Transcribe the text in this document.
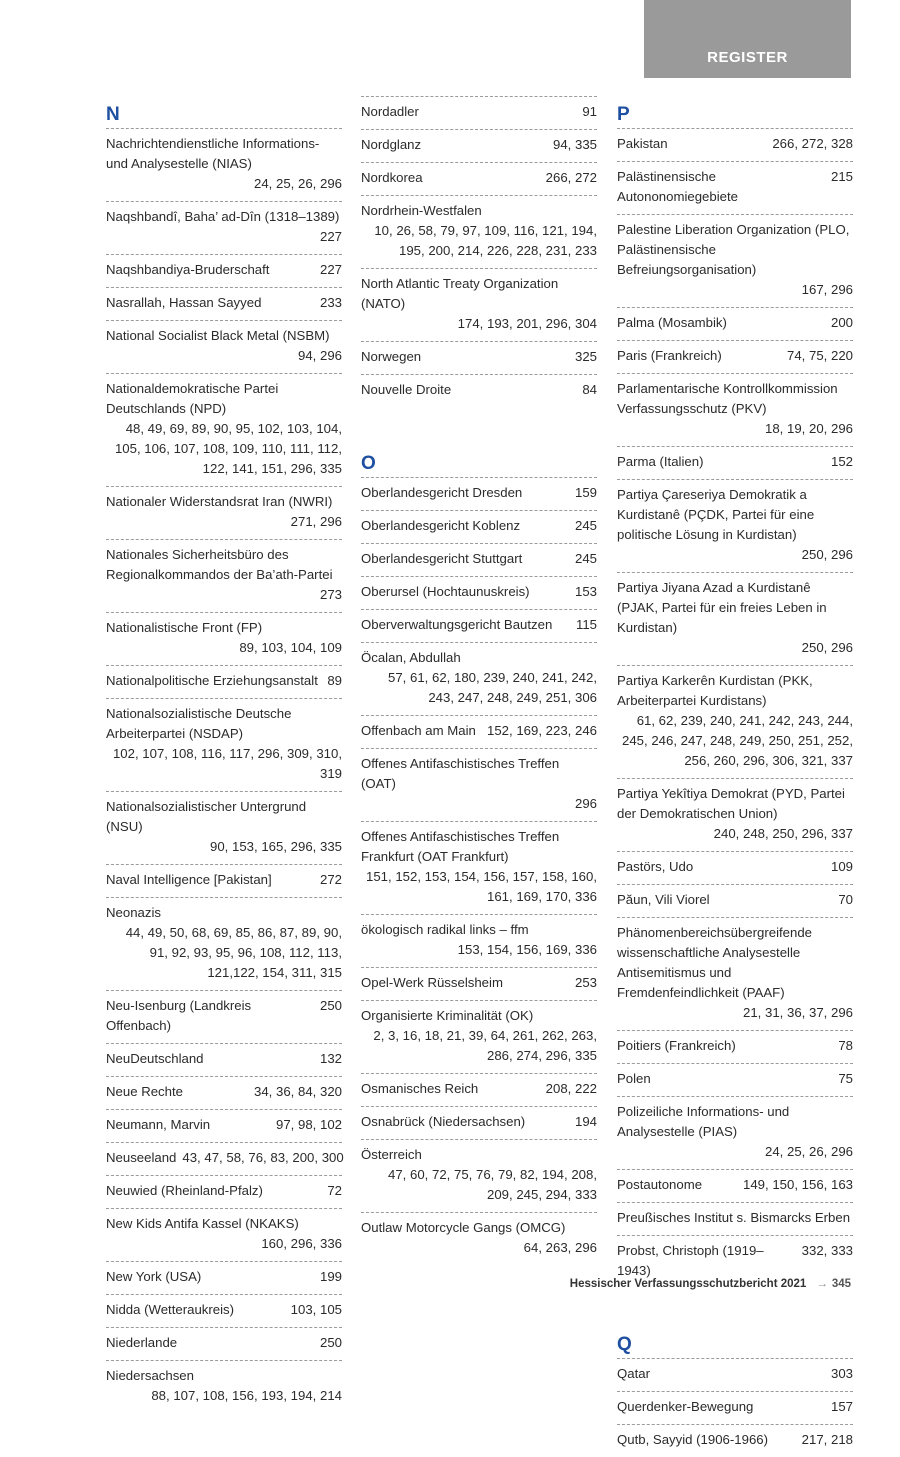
REGISTER
N
Nachrichtendienstliche Informations- und Analysestelle (NIAS)
24, 25, 26, 296
Naqshbandî, Baha’ ad-Dîn (1318–1389)
227
Naqshbandiya-Bruderschaft	227
Nasrallah, Hassan Sayyed	233
National Socialist Black Metal (NSBM)
94, 296
Nationaldemokratische Partei Deutschlands (NPD)
48, 49, 69, 89, 90, 95, 102, 103, 104, 105, 106, 107, 108, 109, 110, 111, 112, 122, 141, 151, 296, 335
Nationaler Widerstandsrat Iran (NWRI)
271, 296
Nationales Sicherheitsbüro des Regionalkommandos der Ba’ath-Partei
273
Nationalistische Front (FP)
89, 103, 104, 109
Nationalpolitische Erziehungsanstalt 89
Nationalsozialistische Deutsche Arbeiterpartei (NSDAP)
102, 107, 108, 116, 117, 296, 309, 310, 319
Nationalsozialistischer Untergrund (NSU)
90, 153, 165, 296, 335
Naval Intelligence [Pakistan]	272
Neonazis
44, 49, 50, 68, 69, 85, 86, 87, 89, 90, 91, 92, 93, 95, 96, 108, 112, 113, 121,122, 154, 311, 315
Neu-Isenburg (Landkreis Offenbach)
250
NeuDeutschland	132
Neue Rechte	34, 36, 84, 320
Neumann, Marvin	97, 98, 102
Neuseeland 43, 47, 58, 76, 83, 200, 300
Neuwied (Rheinland-Pfalz)	72
New Kids Antifa Kassel (NKAKS)
160, 296, 336
New York (USA)	199
Nidda (Wetteraukreis)	103, 105
Niederlande	250
Niedersachsen
88, 107, 108, 156, 193, 194, 214
Nordadler	91
Nordglanz	94, 335
Nordkorea	266, 272
Nordrhein-Westfalen
10, 26, 58, 79, 97, 109, 116, 121, 194, 195, 200, 214, 226, 228, 231, 233
North Atlantic Treaty Organization (NATO)
174, 193, 201, 296, 304
Norwegen	325
Nouvelle Droite	84
O
Oberlandesgericht Dresden	159
Oberlandesgericht Koblenz	245
Oberlandesgericht Stuttgart	245
Oberursel (Hochtaunuskreis)	153
Oberverwaltungsgericht Bautzen	115
Öcalan, Abdullah
57, 61, 62, 180, 239, 240, 241, 242, 243, 247, 248, 249, 251, 306
Offenbach am Main 152, 169, 223, 246
Offenes Antifaschistisches Treffen (OAT)
296
Offenes Antifaschistisches Treffen Frankfurt (OAT Frankfurt)
151, 152, 153, 154, 156, 157, 158, 160, 161, 169, 170, 336
ökologisch radikal links – ffm
153, 154, 156, 169, 336
Opel-Werk Rüsselsheim	253
Organisierte Kriminalität (OK)
2, 3, 16, 18, 21, 39, 64, 261, 262, 263, 286, 274, 296, 335
Osmanisches Reich	208, 222
Osnabrück (Niedersachsen)	194
Österreich
47, 60, 72, 75, 76, 79, 82, 194, 208, 209, 245, 294, 333
Outlaw Motorcycle Gangs (OMCG)
64, 263, 296
P
Pakistan	266, 272, 328
Palästinensische Autononomiegebiete
215
Palestine Liberation Organization (PLO, Palästinensische Befreiungsorganisation)
167, 296
Palma (Mosambik)	200
Paris (Frankreich)	74, 75, 220
Parlamentarische Kontrollkommission Verfassungsschutz (PKV)
18, 19, 20, 296
Parma (Italien)	152
Partiya Çareseriya Demokratik a Kurdistanê (PÇDK, Partei für eine politische Lösung in Kurdistan)
250, 296
Partiya Jiyana Azad a Kurdistanê (PJAK, Partei für ein freies Leben in Kurdistan)
250, 296
Partiya Karkerên Kurdistan (PKK, Arbeiterpartei Kurdistans)
61, 62, 239, 240, 241, 242, 243, 244, 245, 246, 247, 248, 249, 250, 251, 252, 256, 260, 296, 306, 321, 337
Partiya Yekîtiya Demokrat (PYD, Partei der Demokratischen Union)
240, 248, 250, 296, 337
Pastörs, Udo	109
Păun, Vili Viorel	70
Phänomenbereichsübergreifende wissenschaftliche Analysestelle Antisemitismus und Fremdenfeindlichkeit (PAAF)
21, 31, 36, 37, 296
Poitiers (Frankreich)	78
Polen	75
Polizeiliche Informations- und Analysestelle (PIAS)
24, 25, 26, 296
Postautonome	149, 150, 156, 163
Preußisches Institut s. Bismarcks Erben
Probst, Christoph (1919–1943)
332, 333
Q
Qatar	303
Querdenker-Bewegung	157
Qutb, Sayyid (1906-1966)	217, 218
Hessischer Verfassungsschutzbericht 2021 → 345
